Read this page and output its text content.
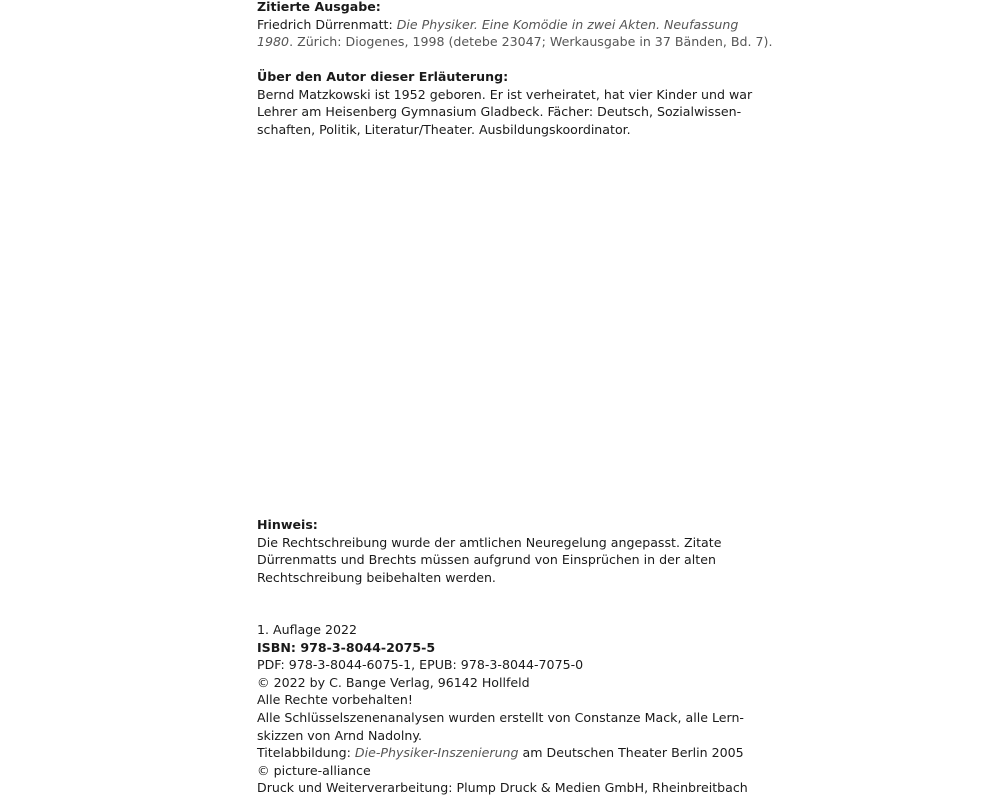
Zitierte Ausgabe:
Friedrich Dürrenmatt: Die Physiker. Eine Komödie in zwei Akten. Neufassung
1980. Zürich: Diogenes, 1998 (detebe 23047; Werkausgabe in 37 Bänden, Bd. 7).
Über den Autor dieser Erläuterung:
Bernd Matzkowski ist 1952 geboren. Er ist verheiratet, hat vier Kinder und war
Lehrer am Heisenberg Gymnasium Gladbeck. Fächer: Deutsch, Sozialwissen-
schaften, Politik, Literatur/Theater. Ausbildungskoordinator.
Hinweis:
Die Rechtschreibung wurde der amtlichen Neuregelung angepasst. Zitate
Dürrenmatts und Brechts müssen aufgrund von Einsprüchen in der alten
Rechtschreibung beibehalten werden.
1. Auflage 2022
ISBN: 978-3-8044-2075-5
PDF: 978-3-8044-6075-1, EPUB: 978-3-8044-7075-0
© 2022 by C. Bange Verlag, 96142 Hollfeld
Alle Rechte vorbehalten!
Alle Schlüsselszenenanalysen wurden erstellt von Constanze Mack, alle Lern-
skizzen von Arnd Nadolny.
Titelabbildung: Die-Physiker-Inszenierung am Deutschen Theater Berlin 2005
© picture-alliance
Druck und Weiterverarbeitung: Plump Druck & Medien GmbH, Rheinbreitbach
